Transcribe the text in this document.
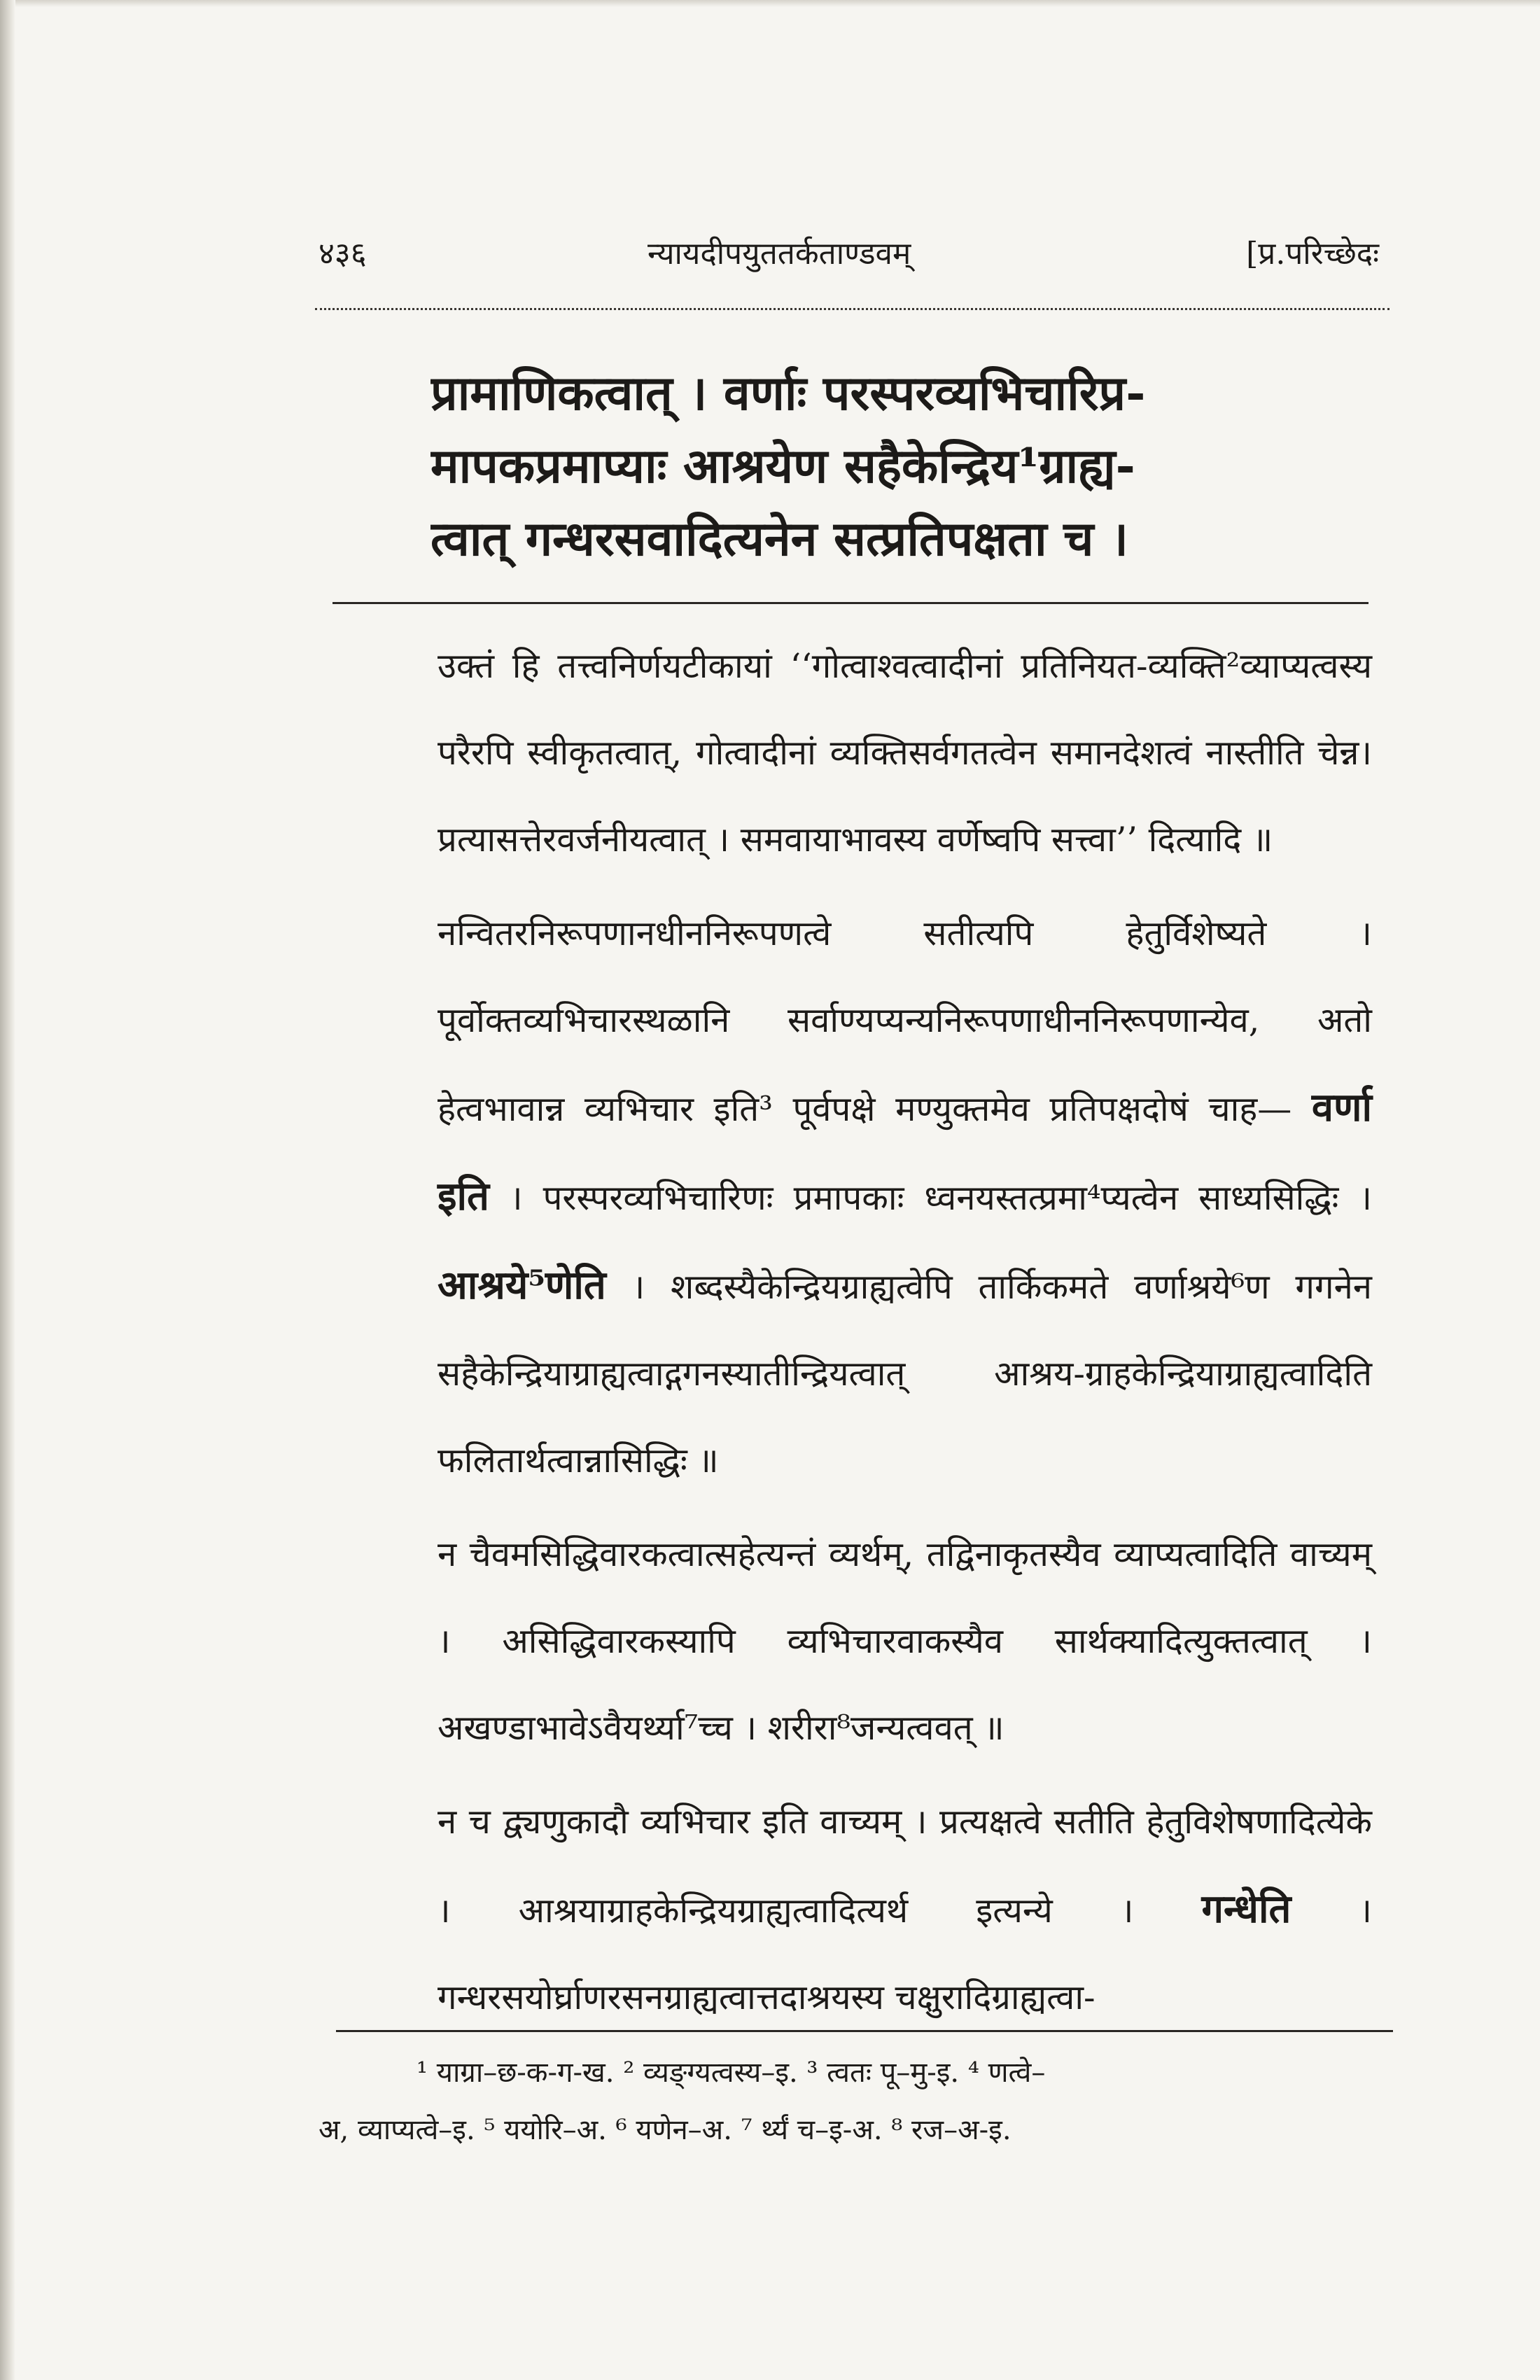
४३६	न्यायदीपयुततर्कताण्डवम्	[प्र.परिच्छेदः
प्रामाणिकत्वात् । वर्णाः परस्परव्यभिचारिप्र-
मापकप्रमाप्याः आश्रयेण सहैकेन्द्रिय¹ग्राह्य-
त्वात् गन्धरसवादित्यनेन सत्प्रतिपक्षता च ।

उक्तं हि तत्त्वनिर्णयटीकायां ‘‘गोत्वाश्वत्वादीनां प्रतिनियत-व्यक्ति²व्याप्यत्वस्य परैरपि स्वीकृतत्वात्, गोत्वादीनां व्यक्तिसर्वगतत्वेन समानदेशत्वं नास्तीति चेन्न। प्रत्यासत्तेरवर्जनीयत्वात् । समवायाभावस्य वर्णेष्वपि सत्त्वा’’ दित्यादि ॥

नन्वितरनिरूपणानधीननिरूपणत्वे सतीत्यपि हेतुर्विशेष्यते । पूर्वोक्तव्यभिचारस्थळानि सर्वाण्यप्यन्यनिरूपणाधीननिरूपणान्येव, अतो हेत्वभावान्न व्यभिचार इति³ पूर्वपक्षे मण्युक्तमेव प्रतिपक्षदोषं चाह— वर्णा इति । परस्परव्यभिचारिणः प्रमापकाः ध्वनयस्तत्प्रमा⁴प्यत्वेन साध्यसिद्धिः । आश्रये⁵णेति । शब्दस्यैकेन्द्रियग्राह्यत्वेपि तार्किकमते वर्णाश्रये⁶ण गगनेन सहैकेन्द्रियाग्राह्यत्वाद्गगनस्यातीन्द्रियत्वात् आश्रय-ग्राहकेन्द्रियाग्राह्यत्वादिति फलितार्थत्वान्नासिद्धिः ॥

न चैवमसिद्धिवारकत्वात्सहेत्यन्तं व्यर्थम्, तद्विनाकृतस्यैव व्याप्यत्वादिति वाच्यम् । असिद्धिवारकस्यापि व्यभिचारवाकस्यैव सार्थक्यादित्युक्तत्वात् । अखण्डाभावेऽवैयर्थ्या⁷च्च । शरीरा⁸जन्यत्ववत् ॥

न च द्व्यणुकादौ व्यभिचार इति वाच्यम् । प्रत्यक्षत्वे सतीति हेतुविशेषणादित्येके । आश्रयाग्राहकेन्द्रियग्राह्यत्वादित्यर्थ इत्यन्ये । गन्धेति । गन्धरसयोर्घ्राणरसनग्राह्यत्वात्तदाश्रयस्य चक्षुरादिग्राह्यत्वा-

¹ याग्रा–छ-क-ग-ख. ² व्यङ्ग्यत्वस्य–इ. ³ त्वतः पू–मु-इ. ⁴ णत्वे–
अ, व्याप्यत्वे–इ. ⁵ ययोरि–अ. ⁶ यणेन–अ. ⁷ र्थ्यं च–इ-अ. ⁸ रज–अ-इ.
